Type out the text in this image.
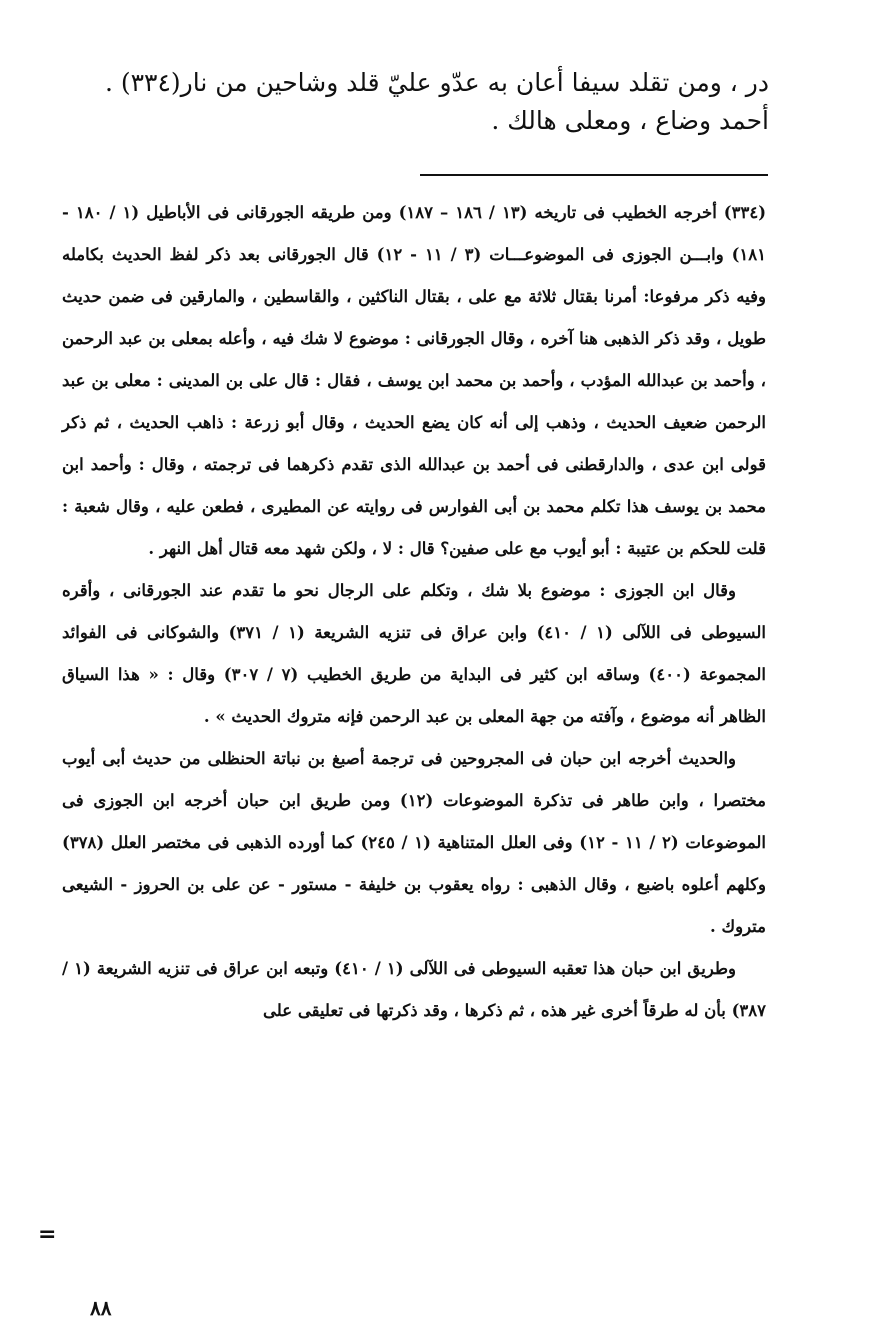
در ، ومن تقلد سيفا أعان به عدّو عليّ قلد وشاحين من نار(٣٣٤) .
أحمد وضاع ، ومعلى هالك .

(٣٣٤) أخرجه الخطيب فى تاريخه (١٣ / ١٨٦ – ١٨٧) ومن طريقه الجورقانى فى الأباطيل (١ / ١٨٠ - ١٨١) وابـــن الجوزى فى الموضوعـــات (٣ / ١١ - ١٢) قال الجورقانى بعد ذكر لفظ الحديث بكامله وفيه ذكر مرفوعا: أمرنا بقتال ثلاثة مع على ، بقتال الناكثين ، والقاسطين ، والمارقين فى ضمن حديث طويل ، وقد ذكر الذهبى هنا آخره ، وقال الجورقانى : موضوع لا شك فيه ، وأعله بمعلى بن عبد الرحمن ، وأحمد بن عبدالله المؤدب ، وأحمد بن محمد ابن يوسف ، فقال : قال على بن المدينى : معلى بن عبد الرحمن ضعيف الحديث ، وذهب إلى أنه كان يضع الحديث ، وقال أبو زرعة : ذاهب الحديث ، ثم ذكر قولى ابن عدى ، والدارقطنى فى أحمد بن عبدالله الذى تقدم ذكرهما فى ترجمته ، وقال : وأحمد ابن محمد بن يوسف هذا تكلم محمد بن أبى الفوارس فى روايته عن المطيرى ، فطعن عليه ، وقال شعبة : قلت للحكم بن عتيبة : أبو أيوب مع على صفين؟ قال : لا ، ولكن شهد معه قتال أهل النهر .

وقال ابن الجوزى : موضوع بلا شك ، وتكلم على الرجال نحو ما تقدم عند الجورقانى ، وأقره السيوطى فى اللآلى (١ / ٤١٠) وابن عراق فى تنزيه الشريعة (١ / ٣٧١) والشوكانى فى الفوائد المجموعة (٤٠٠) وساقه ابن كثير فى البداية من طريق الخطيب (٧ / ٣٠٧) وقال : « هذا السياق الظاهر أنه موضوع ، وآفته من جهة المعلى بن عبد الرحمن فإنه متروك الحديث » .

والحديث أخرجه ابن حبان فى المجروحين فى ترجمة أصبغ بن نباتة الحنظلى من حديث أبى أيوب مختصرا ، وابن طاهر فى تذكرة الموضوعات (١٢) ومن طريق ابن حبان أخرجه ابن الجوزى فى الموضوعات (٢ / ١١ - ١٢) وفى العلل المتناهية (١ / ٢٤٥) كما أورده الذهبى فى مختصر العلل (٣٧٨) وكلهم أعلوه باضبع ، وقال الذهبى : رواه يعقوب بن خليفة - مستور - عن على بن الحروز - الشيعى متروك .

وطريق ابن حبان هذا تعقبه السيوطى فى اللآلى (١ / ٤١٠) وتبعه ابن عراق فى تنزيه الشريعة (١ / ٣٨٧) بأن له طرقاً أخرى غير هذه ، ثم ذكرها ، وقد ذكرتها فى تعليقى على

=
٨٨
